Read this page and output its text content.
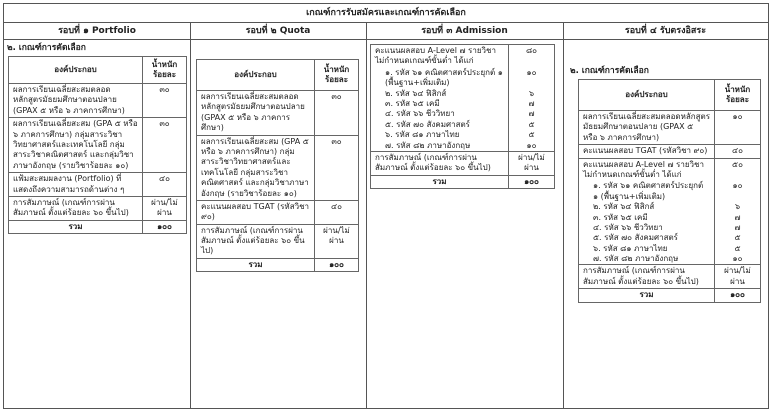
เกณฑ์การรับสมัครและเกณฑ์การคัดเลือก
รอบที่ ๑ Portfolio	รอบที่ ๒ Quota	รอบที่ ๓ Admission	รอบที่ ๔ รับตรงอิสระ
๒. เกณฑ์การคัดเลือก
องค์ประกอบ	น้ำหนักร้อยละ
ผลการเรียนเฉลี่ยสะสมตลอดหลักสูตรมัธยมศึกษาตอนปลาย (GPAX ๕ หรือ ๖ ภาคการศึกษา)	๓๐
ผลการเรียนเฉลี่ยสะสม (GPA ๕ หรือ ๖ ภาคการศึกษา) กลุ่มสาระวิชาวิทยาศาสตร์และเทคโนโลยี กลุ่มสาระวิชาคณิตศาสตร์ และกลุ่มวิชาภาษาอังกฤษ (รายวิชาร้อยละ ๑๐)	๓๐
แฟ้มสะสมผลงาน (Portfolio) ที่แสดงถึงความสามารถด้านต่าง ๆ	๔๐
การสัมภาษณ์ (เกณฑ์การผ่านสัมภาษณ์ ตั้งแต่ร้อยละ ๖๐ ขึ้นไป)	ผ่าน/ไม่ผ่าน
รวม	๑๐๐
องค์ประกอบ	น้ำหนักร้อยละ
ผลการเรียนเฉลี่ยสะสมตลอดหลักสูตรมัธยมศึกษาตอนปลาย (GPAX ๕ หรือ ๖ ภาคการศึกษา)	๓๐
ผลการเรียนเฉลี่ยสะสม (GPA ๕ หรือ ๖ ภาคการศึกษา) กลุ่มสาระวิชาวิทยาศาสตร์และเทคโนโลยี กลุ่มสาระวิชาคณิตศาสตร์ และกลุ่มวิชาภาษาอังกฤษ (รายวิชาร้อยละ ๑๐)	๓๐
คะแนนผลสอบ TGAT (รหัสวิชา ๙๐)	๔๐
การสัมภาษณ์ (เกณฑ์การผ่านสัมภาษณ์ ตั้งแต่ร้อยละ ๖๐ ขึ้นไป)	ผ่าน/ไม่ผ่าน
รวม	๑๐๐
คะแนนผลสอบ A-Level ๗ รายวิชา ไม่กำหนดเกณฑ์ขั้นต่ำ ได้แก่	๘๐
๑. รหัส ๖๑ คณิตศาสตร์ประยุกต์ ๑ (พื้นฐาน+เพิ่มเติม)	๑๐
๒. รหัส ๖๔ ฟิสิกส์	๖
๓. รหัส ๖๕ เคมี	๗
๔. รหัส ๖๖ ชีววิทยา	๗
๕. รหัส ๗๐ สังคมศาสตร์	๕
๖. รหัส ๘๑ ภาษาไทย	๕
๗. รหัส ๘๒ ภาษาอังกฤษ	๑๐
การสัมภาษณ์ (เกณฑ์การผ่านสัมภาษณ์ ตั้งแต่ร้อยละ ๖๐ ขึ้นไป)	ผ่าน/ไม่ผ่าน
รวม	๑๐๐
๒. เกณฑ์การคัดเลือก
องค์ประกอบ	น้ำหนักร้อยละ
ผลการเรียนเฉลี่ยสะสมตลอดหลักสูตรมัธยมศึกษาตอนปลาย (GPAX ๕ หรือ ๖ ภาคการศึกษา)	๑๐
คะแนนผลสอบ TGAT (รหัสวิชา ๙๐)	๔๐
คะแนนผลสอบ A-Level ๗ รายวิชา ไม่กำหนดเกณฑ์ขั้นต่ำ ได้แก่	๕๐
๑. รหัส ๖๑ คณิตศาสตร์ประยุกต์ ๑ (พื้นฐาน+เพิ่มเติม)	๑๐
๒. รหัส ๖๔ ฟิสิกส์	๖
๓. รหัส ๖๕ เคมี	๗
๔. รหัส ๖๖ ชีววิทยา	๗
๕. รหัส ๗๐ สังคมศาสตร์	๕
๖. รหัส ๘๑ ภาษาไทย	๕
๗. รหัส ๘๒ ภาษาอังกฤษ	๑๐
การสัมภาษณ์ (เกณฑ์การผ่านสัมภาษณ์ ตั้งแต่ร้อยละ ๖๐ ขึ้นไป)	ผ่าน/ไม่ผ่าน
รวม	๑๐๐
